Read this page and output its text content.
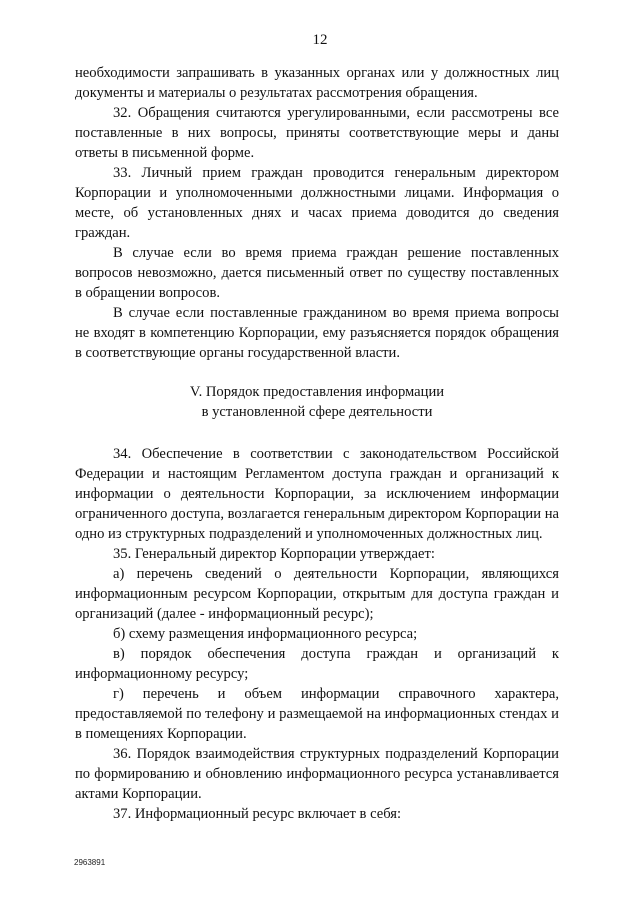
12

необходимости запрашивать в указанных органах или у должностных лиц документы и материалы о результатах рассмотрения обращения.

32. Обращения считаются урегулированными, если рассмотрены все поставленные в них вопросы, приняты соответствующие меры и даны ответы в письменной форме.

33. Личный прием граждан проводится генеральным директором Корпорации и уполномоченными должностными лицами. Информация о месте, об установленных днях и часах приема доводится до сведения граждан.

В случае если во время приема граждан решение поставленных вопросов невозможно, дается письменный ответ по существу поставленных в обращении вопросов.

В случае если поставленные гражданином во время приема вопросы не входят в компетенцию Корпорации, ему разъясняется порядок обращения в соответствующие органы государственной власти.

V. Порядок предоставления информации
в установленной сфере деятельности

34. Обеспечение в соответствии с законодательством Российской Федерации и настоящим Регламентом доступа граждан и организаций к информации о деятельности Корпорации, за исключением информации ограниченного доступа, возлагается генеральным директором Корпорации на одно из структурных подразделений и уполномоченных должностных лиц.

35. Генеральный директор Корпорации утверждает:

а) перечень сведений о деятельности Корпорации, являющихся информационным ресурсом Корпорации, открытым для доступа граждан и организаций (далее - информационный ресурс);

б) схему размещения информационного ресурса;

в) порядок обеспечения доступа граждан и организаций к информационному ресурсу;

г) перечень и объем информации справочного характера, предоставляемой по телефону и размещаемой на информационных стендах и в помещениях Корпорации.

36. Порядок взаимодействия структурных подразделений Корпорации по формированию и обновлению информационного ресурса устанавливается актами Корпорации.

37. Информационный ресурс включает в себя:

2963891
